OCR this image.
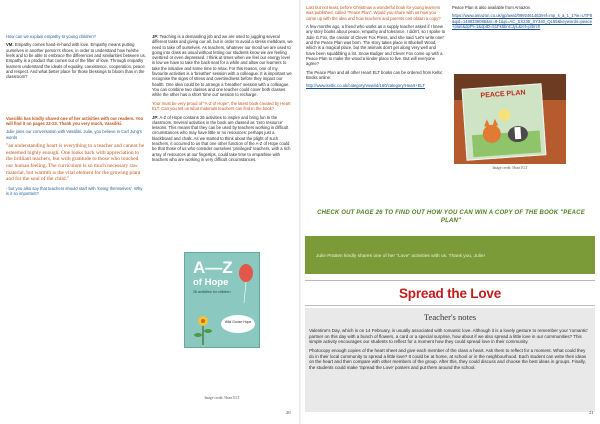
How can we explain empathy to young children?

VM: Empathy comes hand-in-hand with love. Empathy means putting ourselves in another person's shoes, in order to understand how he/she feels and to be able to embrace the differences and similarities between us. Empathy is a product that comes out of the filter of love. Through empathy learners understand the ideals of equality, coexistence, cooperation, peace and respect. And what better place for those blessings to bloom than in the classroom?

Vassiliki has kindly shared one of her activities with our readers. You will find it on pages 22-23. Thank you very much, Vassiliki.

Julie joins our conversation with Vassiliki. Julie, you believe in Carl Jung's words

"an understanding heart is everything to a teacher and cannot be esteemed highly enough. One looks back with appreciation to the brilliant teachers, but with gratitude to those who touched our human feeling. The curriculum is so much necessary raw material, but warmth is the vital element for the growing plant and for the soul of the child."

- but you also say that teachers should start with 'loving themselves'. Why is it so important?

JP: Teaching is a demanding job and we are used to juggling several different tasks and giving our all, but in order to avoid a stress meltdown, we need to take off ourselves. As teachers, whatever our mood we are used to going into class as usual without letting our students know we are feeling overtired or even depressed. I think at times when we feel our energy level is low we have to take the back seat for a while and allow our learners to take the initiative and some time to relax. For this reason, one of my favourite activities is a 'breather' session with a colleague. It is important we recognise the signs of stress and overtiredness before they impact our health. One idea could be to arrange a 'breather' session with a colleague. You can combine two classes and one teacher could cover both classes while the other has a short 'time out' session to recharge.

Your must be very proud of "A-Z of Hope", the latest book created by Heart ELT. Can you tell us what materials teachers can find in the book?

JP: A-Z of Hope contains 26 activities to inspire and bring fun to the classroom. Several activities in the book are classed as 'zero resource' lessons. This means that they can be used by teachers working in difficult circumstances who may have little or no resources: perhaps just a blackboard and chalk. As we started to think about the plight of such teachers, it occurred to us that one other function of the A-Z of Hope could be that those of us who consider ourselves 'privileged' teachers, with a rich array of resources at our fingertips, could take time to empathise with teachers who are working in very difficult circumstances.

A—Z
of Hope
26 activities for children
Wild Goose Hope
Image credit: Heart ELT
20

Last but not least, before Christmas a wonderful book for young learners was published, called "Peace Plan". Would you share with us how you came up with the idea and how teachers and parents can obtain a copy?

A few months ago, a friend who works as a supply teacher asked if I knew any story books about peace, empathy and tolerance. I didn't, so I spoke to Julie G.Fox, the creator of Clever Fox Press, and she said 'Let's write one!' and the Peace Plan was born. The story takes place in Bluebell Wood, which is a magical place, but the animals don't get along very well and have been squabbling a lot. Snow Badger and Clever Fox come up with a Peace Plan to make the wood a kinder place to live. But will everyone agree?

The Peace Plan and all other Heart ELT books can be ordered from Keltic Books online:

http://www.keltic.co.uk/category/view/id/160/category/Heart+ELT

Peace Plan is also available from Amazon.

https://www.amazon.co.uk/gp/aw/d/0992461463/ref=mp_s_a_1_1?ie=UTF8&qid=1488339088&sr=8-1&pi=AC_SX236_SY340_QL65&keywords=peace+plan&dpPl=1&dpID=51Fk5bnCJyL&ref=plSrch

PEACE PLAN
Image credit: Heart ELT
CHECK OUT PAGE 26 TO FIND OUT HOW YOU CAN WIN A COPY OF THE BOOK "PEACE PLAN"
Julie Pratten kindly shares one of her "Love" activities with us. Thank you, Julie!
Spread the Love
Teacher's notes

Valentine's Day, which is on 14 February, is usually associated with romantic love. Although it is a lovely gesture to remember your 'romantic' partner on this day with a bunch of flowers, a card or a special surprise, how about if we also spread a little love in our communities? This simple activity encourages our students to reflect for a moment how they could spread love in their community.

Photocopy enough copies of the heart sheet and give each member of the class a heart. Ask them to reflect for a moment. What could they do in their local community to spread a little love? It could be at home, at school or in the neighbourhood. Each student can write their ideas on the heart and then compare with other members of the group. After this, they could discuss and choose the best ideas in groups. Finally, the students could make 'Spread the Love' posters and put them around the school.

21
